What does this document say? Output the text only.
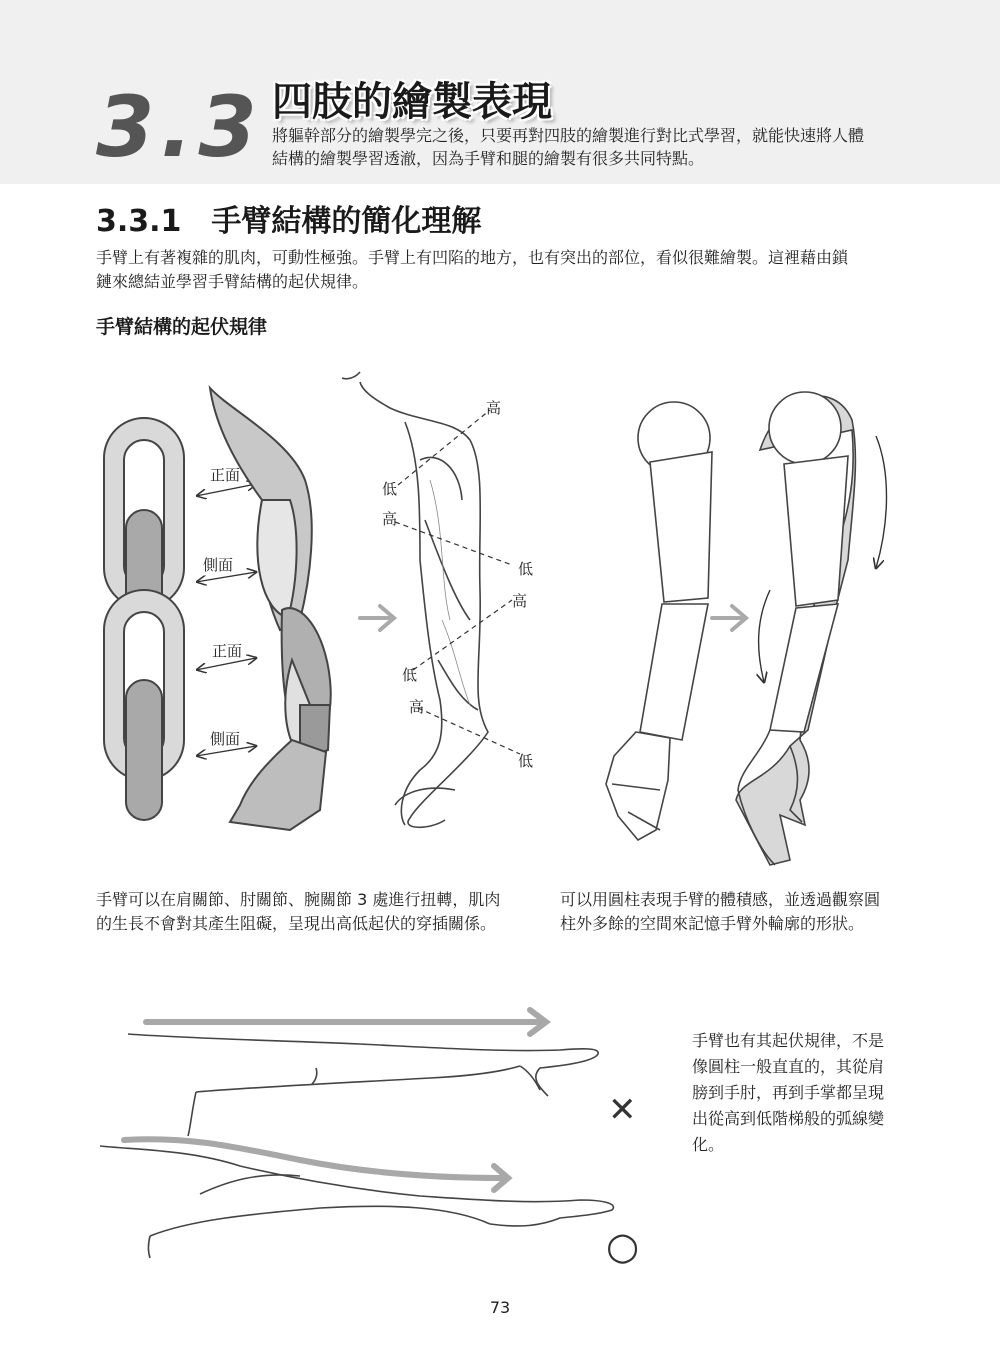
3.3 四肢的繪製表現
將軀幹部分的繪製學完之後，只要再對四肢的繪製進行對比式學習，就能快速將人體
結構的繪製學習透澈，因為手臂和腿的繪製有很多共同特點。
3.3.1　手臂結構的簡化理解
手臂上有著複雜的肌肉，可動性極強。手臂上有凹陷的地方，也有突出的部位，看似很難繪製。這裡藉由鎖
鏈來總結並學習手臂結構的起伏規律。
手臂結構的起伏規律
正面
側面
正面
側面
高
低
高
低
高
低
高
低
手臂可以在肩關節、肘關節、腕關節 3 處進行扭轉，肌肉
的生長不會對其產生阻礙，呈現出高低起伏的穿插關係。
可以用圓柱表現手臂的體積感，並透過觀察圓
柱外多餘的空間來記憶手臂外輪廓的形狀。
✕
○
手臂也有其起伏規律，不是
像圓柱一般直直的，其從肩
膀到手肘，再到手掌都呈現
出從高到低階梯般的弧線變
化。
73
